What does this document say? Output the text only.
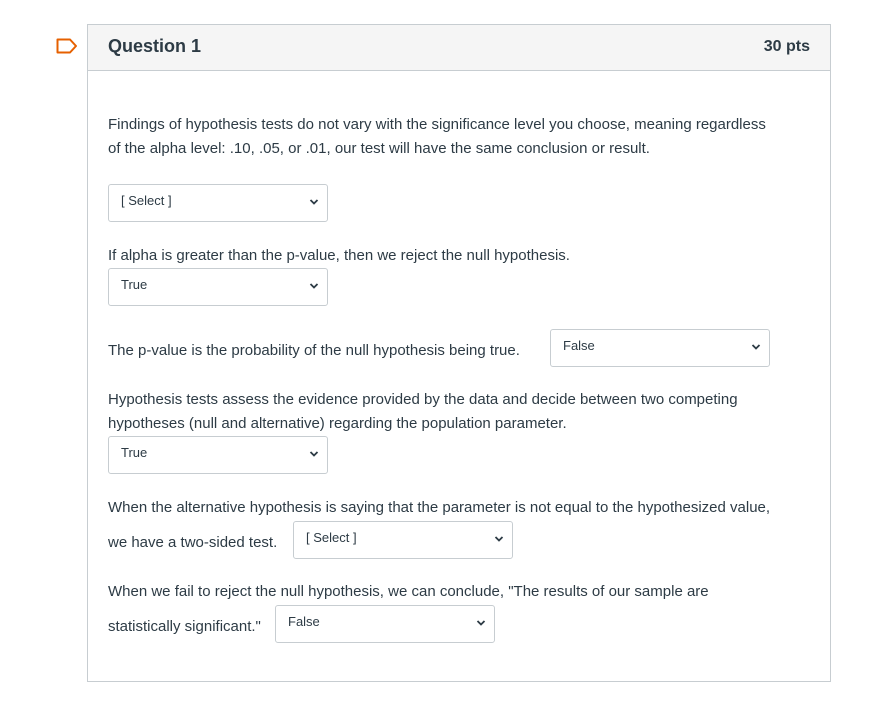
Question 1	30 pts
Findings of hypothesis tests do not vary with the significance level you choose, meaning regardless
of the alpha level: .10, .05, or .01, our test will have the same conclusion or result.
[ Select ]
If alpha is greater than the p-value, then we reject the null hypothesis.
True
The p-value is the probability of the null hypothesis being true.	False
Hypothesis tests assess the evidence provided by the data and decide between two competing
hypotheses (null and alternative) regarding the population parameter.
True
When the alternative hypothesis is saying that the parameter is not equal to the hypothesized value,
we have a two-sided test. [ Select ]
When we fail to reject the null hypothesis, we can conclude, "The results of our sample are
statistically significant." False
